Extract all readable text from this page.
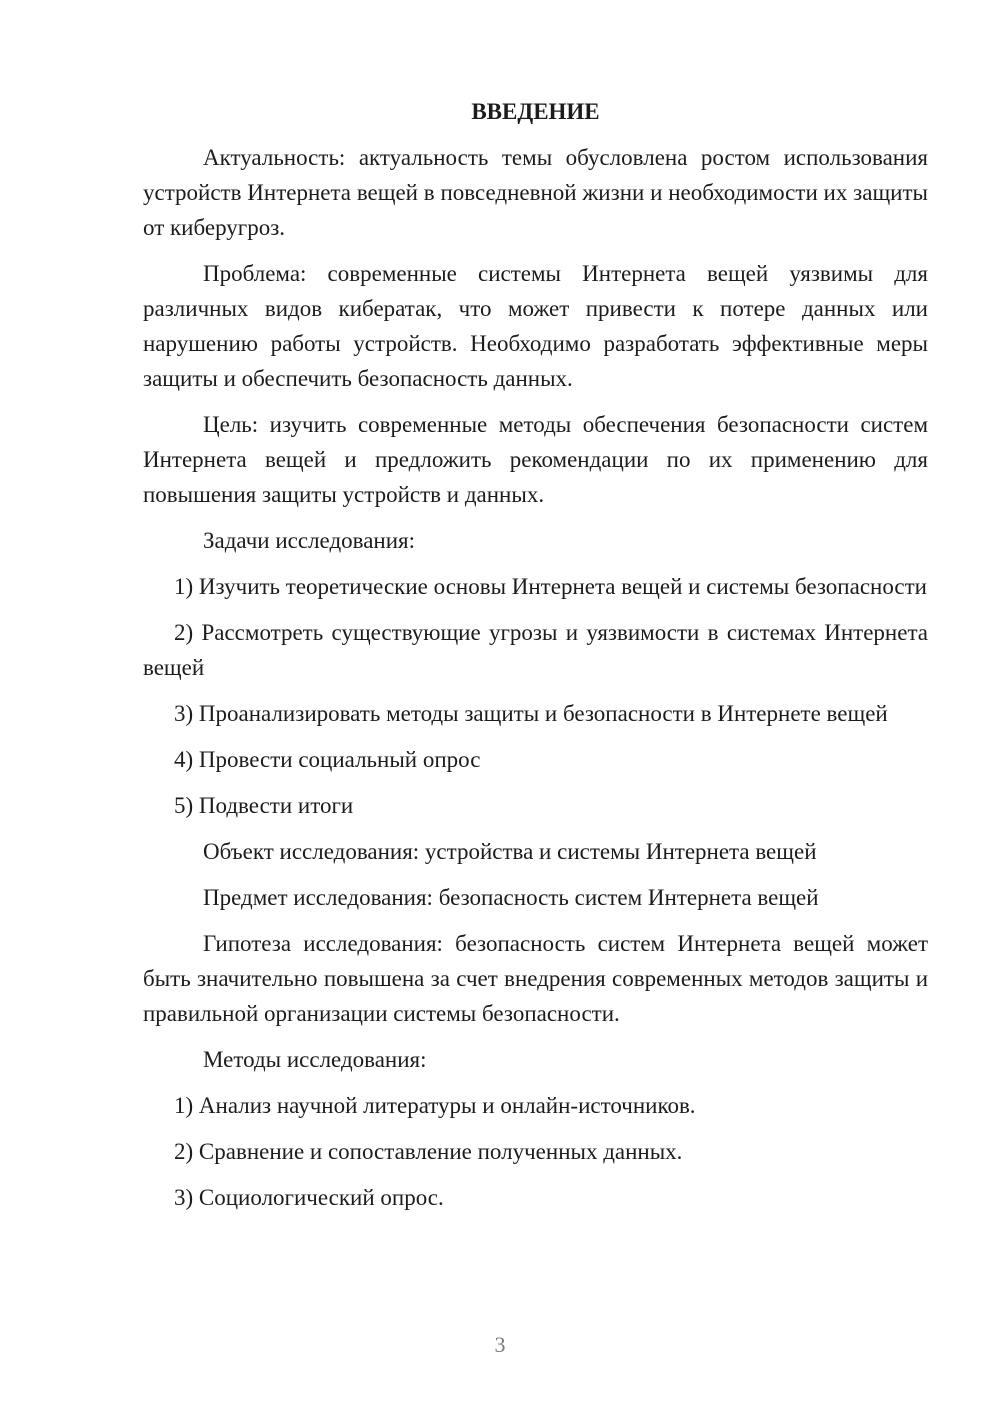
ВВЕДЕНИЕ

Актуальность: актуальность темы обусловлена ростом использования устройств Интернета вещей в повседневной жизни и необходимости их защиты от киберугроз.

Проблема: современные системы Интернета вещей уязвимы для различных видов кибератак, что может привести к потере данных или нарушению работы устройств. Необходимо разработать эффективные меры защиты и обеспечить безопасность данных.

Цель: изучить современные методы обеспечения безопасности систем Интернета вещей и предложить рекомендации по их применению для повышения защиты устройств и данных.

Задачи исследования:

1) Изучить теоретические основы Интернета вещей и системы безопасности

2) Рассмотреть существующие угрозы и уязвимости в системах Интернета вещей

3) Проанализировать методы защиты и безопасности в Интернете вещей

4) Провести социальный опрос

5) Подвести итоги

Объект исследования: устройства и системы Интернета вещей

Предмет исследования: безопасность систем Интернета вещей

Гипотеза исследования: безопасность систем Интернета вещей может быть значительно повышена за счет внедрения современных методов защиты и правильной организации системы безопасности.

Методы исследования:

1) Анализ научной литературы и онлайн-источников.

2) Сравнение и сопоставление полученных данных.

3) Социологический опрос.

3
